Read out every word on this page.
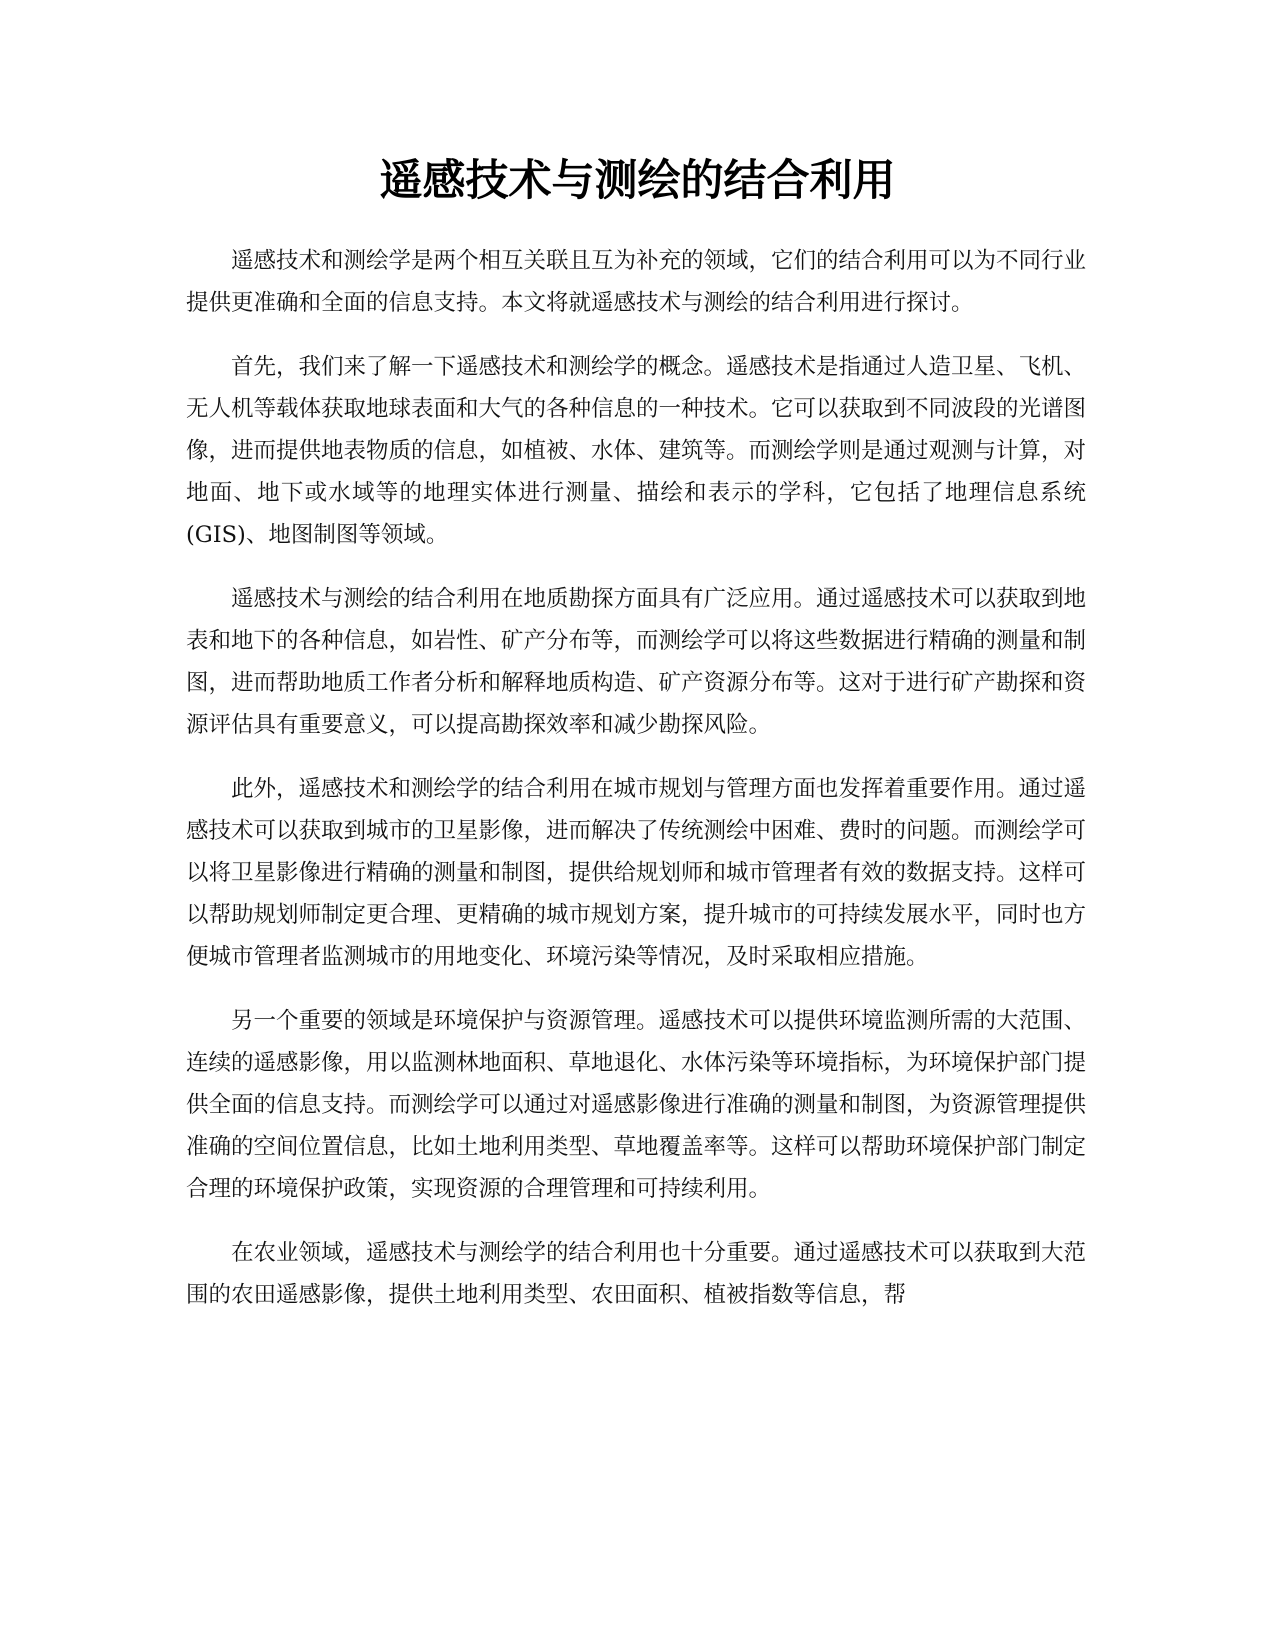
遥感技术与测绘的结合利用

遥感技术和测绘学是两个相互关联且互为补充的领域，它们的结合利用可以为不同行业提供更准确和全面的信息支持。本文将就遥感技术与测绘的结合利用进行探讨。

首先，我们来了解一下遥感技术和测绘学的概念。遥感技术是指通过人造卫星、飞机、无人机等载体获取地球表面和大气的各种信息的一种技术。它可以获取到不同波段的光谱图像，进而提供地表物质的信息，如植被、水体、建筑等。而测绘学则是通过观测与计算，对地面、地下或水域等的地理实体进行测量、描绘和表示的学科，它包括了地理信息系统(GIS)、地图制图等领域。

遥感技术与测绘的结合利用在地质勘探方面具有广泛应用。通过遥感技术可以获取到地表和地下的各种信息，如岩性、矿产分布等，而测绘学可以将这些数据进行精确的测量和制图，进而帮助地质工作者分析和解释地质构造、矿产资源分布等。这对于进行矿产勘探和资源评估具有重要意义，可以提高勘探效率和减少勘探风险。

此外，遥感技术和测绘学的结合利用在城市规划与管理方面也发挥着重要作用。通过遥感技术可以获取到城市的卫星影像，进而解决了传统测绘中困难、费时的问题。而测绘学可以将卫星影像进行精确的测量和制图，提供给规划师和城市管理者有效的数据支持。这样可以帮助规划师制定更合理、更精确的城市规划方案，提升城市的可持续发展水平，同时也方便城市管理者监测城市的用地变化、环境污染等情况，及时采取相应措施。

另一个重要的领域是环境保护与资源管理。遥感技术可以提供环境监测所需的大范围、连续的遥感影像，用以监测林地面积、草地退化、水体污染等环境指标，为环境保护部门提供全面的信息支持。而测绘学可以通过对遥感影像进行准确的测量和制图，为资源管理提供准确的空间位置信息，比如土地利用类型、草地覆盖率等。这样可以帮助环境保护部门制定合理的环境保护政策，实现资源的合理管理和可持续利用。

在农业领域，遥感技术与测绘学的结合利用也十分重要。通过遥感技术可以获取到大范围的农田遥感影像，提供土地利用类型、农田面积、植被指数等信息，帮
